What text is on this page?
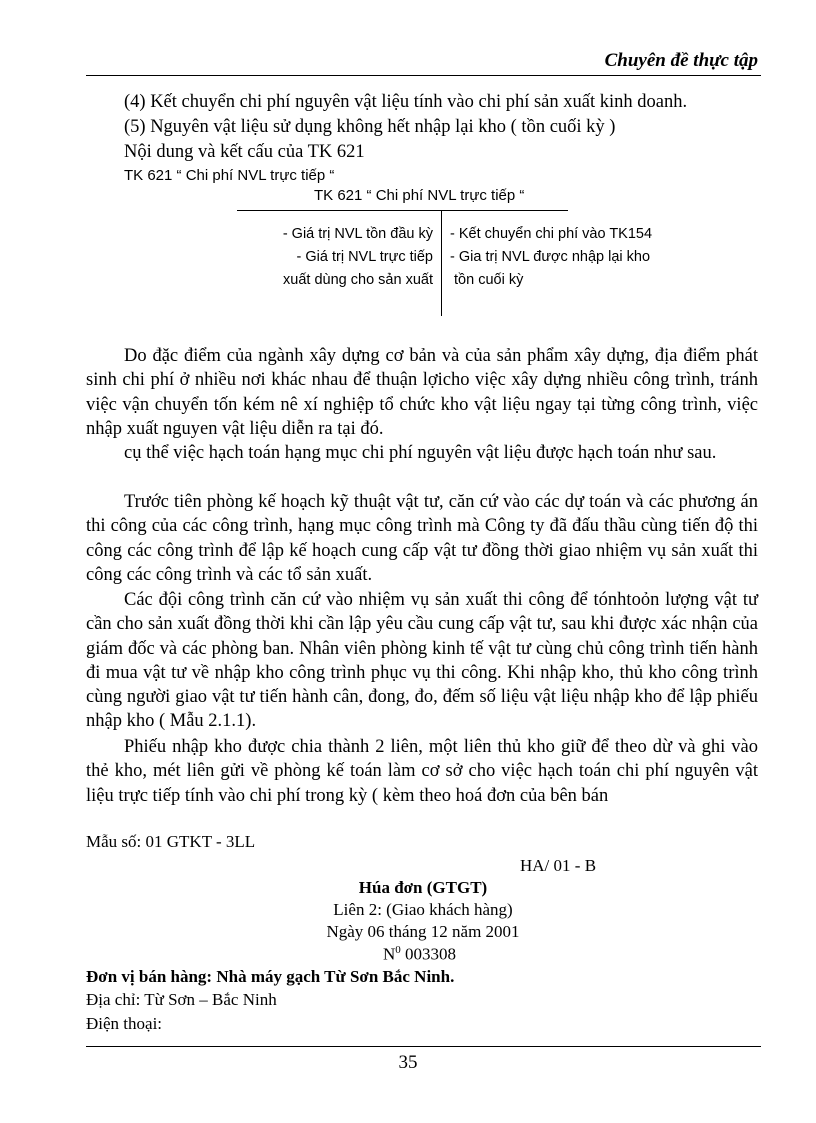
Chuyên đề thực tập
(4) Kết chuyển chi phí nguyên vật liệu tính vào chi phí sản xuất kinh doanh.
(5) Nguyên vật liệu sử dụng không hết nhập lại kho ( tồn cuối kỳ )
Nội dung và kết cấu của TK 621
TK 621 “ Chi phí NVL trực tiếp “
TK 621 “ Chi phí NVL trực tiếp “
- Giá trị NVL tồn đầu kỳ
- Giá trị NVL trực tiếp
xuất dùng cho sản xuất
- Kết chuyển chi phí vào TK154
- Gia trị NVL được nhập lại kho
tồn cuối kỳ
Do đặc điểm của ngành xây dựng cơ bản và của sản phẩm xây dựng, địa điểm phát sinh chi phí ở nhiều nơi khác nhau để thuận lợicho việc xây dựng nhiều công trình, tránh việc vận chuyển tốn kém nê xí nghiệp tổ chức kho vật liệu ngay tại từng công trình, việc nhập xuất nguyen vật liệu diễn ra tại đó.
cụ thể việc hạch toán hạng mục chi phí nguyên vật liệu được hạch toán như sau.
Trước tiên phòng kế hoạch kỹ thuật vật tư, căn cứ vào các dự toán và các phương án thi công của các công trình, hạng mục công trình mà Công ty đã đấu thầu cùng tiến độ thi công các công trình để lập kế hoạch cung cấp vật tư đồng thời giao nhiệm vụ sản xuất thi công các công trình và các tổ sản xuất.
Các đội công trình căn cứ vào nhiệm vụ sản xuất thi công để tónhtoỏn lượng vật tư cần cho sản xuất đồng thời khi cần lập yêu cầu cung cấp vật tư, sau khi được xác nhận của giám đốc và các phòng ban. Nhân viên phòng kinh tế vật tư cùng chủ công trình tiến hành đi mua vật tư về nhập kho công trình phục vụ thi công. Khi nhập kho, thủ kho công trình cùng người giao vật tư tiến hành cân, đong, đo, đếm số liệu vật liệu nhập kho để lập phiếu nhập kho ( Mẫu 2.1.1).
Phiếu nhập kho được chia thành 2 liên, một liên thủ kho giữ để theo dừ và ghi vào thẻ kho, mét liên gửi về phòng kế toán làm cơ sở cho việc hạch toán chi phí nguyên vật liệu trực tiếp tính vào chi phí trong kỳ ( kèm theo hoá đơn của bên bán
Mẫu số: 01 GTKT - 3LL
HA/ 01 - B
Húa đơn (GTGT)
Liên 2: (Giao khách hàng)
Ngày 06 tháng 12 năm 2001
$N^0$ 003308
Đơn vị bán hàng: Nhà máy gạch Từ Sơn Bắc Ninh.
Địa chỉ: Từ Sơn – Bắc Ninh
Điện thoại:
35
